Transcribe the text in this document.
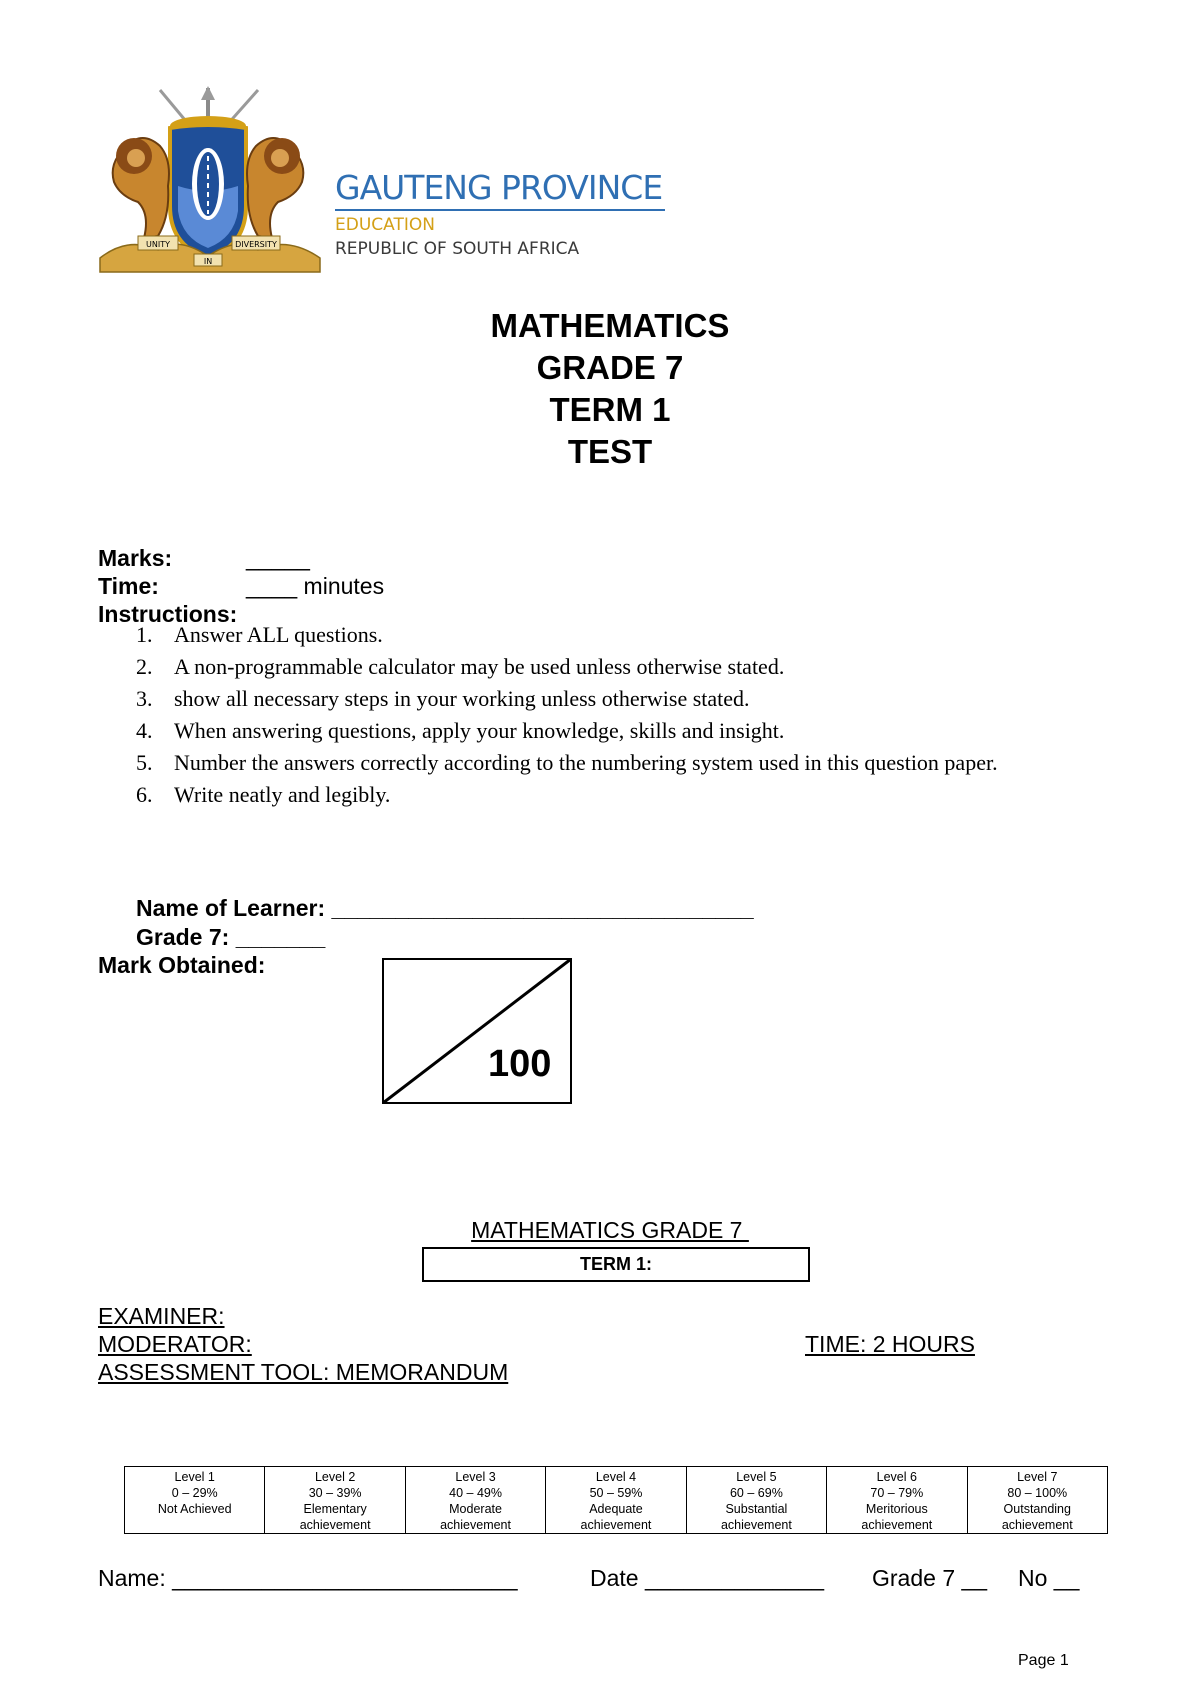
UNITY
IN
DIVERSITY
GAUTENG PROVINCE
EDUCATION
REPUBLIC OF SOUTH AFRICA
MATHEMATICS
GRADE 7
TERM 1
TEST
Marks:	_____
Time:	____ minutes
Instructions:
1. Answer ALL questions.
2. A non-programmable calculator may be used unless otherwise stated.
3. show all necessary steps in your working unless otherwise stated.
4. When answering questions, apply your knowledge, skills and insight.
5. Number the answers correctly according to the numbering system used in this question paper.
6. Write neatly and legibly.
Name of Learner: _________________________________
Grade 7: _______
Mark Obtained:
100
MATHEMATICS GRADE 7
TERM 1:
EXAMINER:
MODERATOR:	TIME: 2 HOURS
ASSESSMENT TOOL: MEMORANDUM
Level 1
0 – 29%
Not Achieved

Level 2
30 – 39%
Elementary
achievement

Level 3
40 – 49%
Moderate
achievement

Level 4
50 – 59%
Adequate
achievement

Level 5
60 – 69%
Substantial
achievement

Level 6
70 – 79%
Meritorious
achievement

Level 7
80 – 100%
Outstanding
achievement
Name: ___________________________	Date ______________ Grade 7 __ No __
Page 1
